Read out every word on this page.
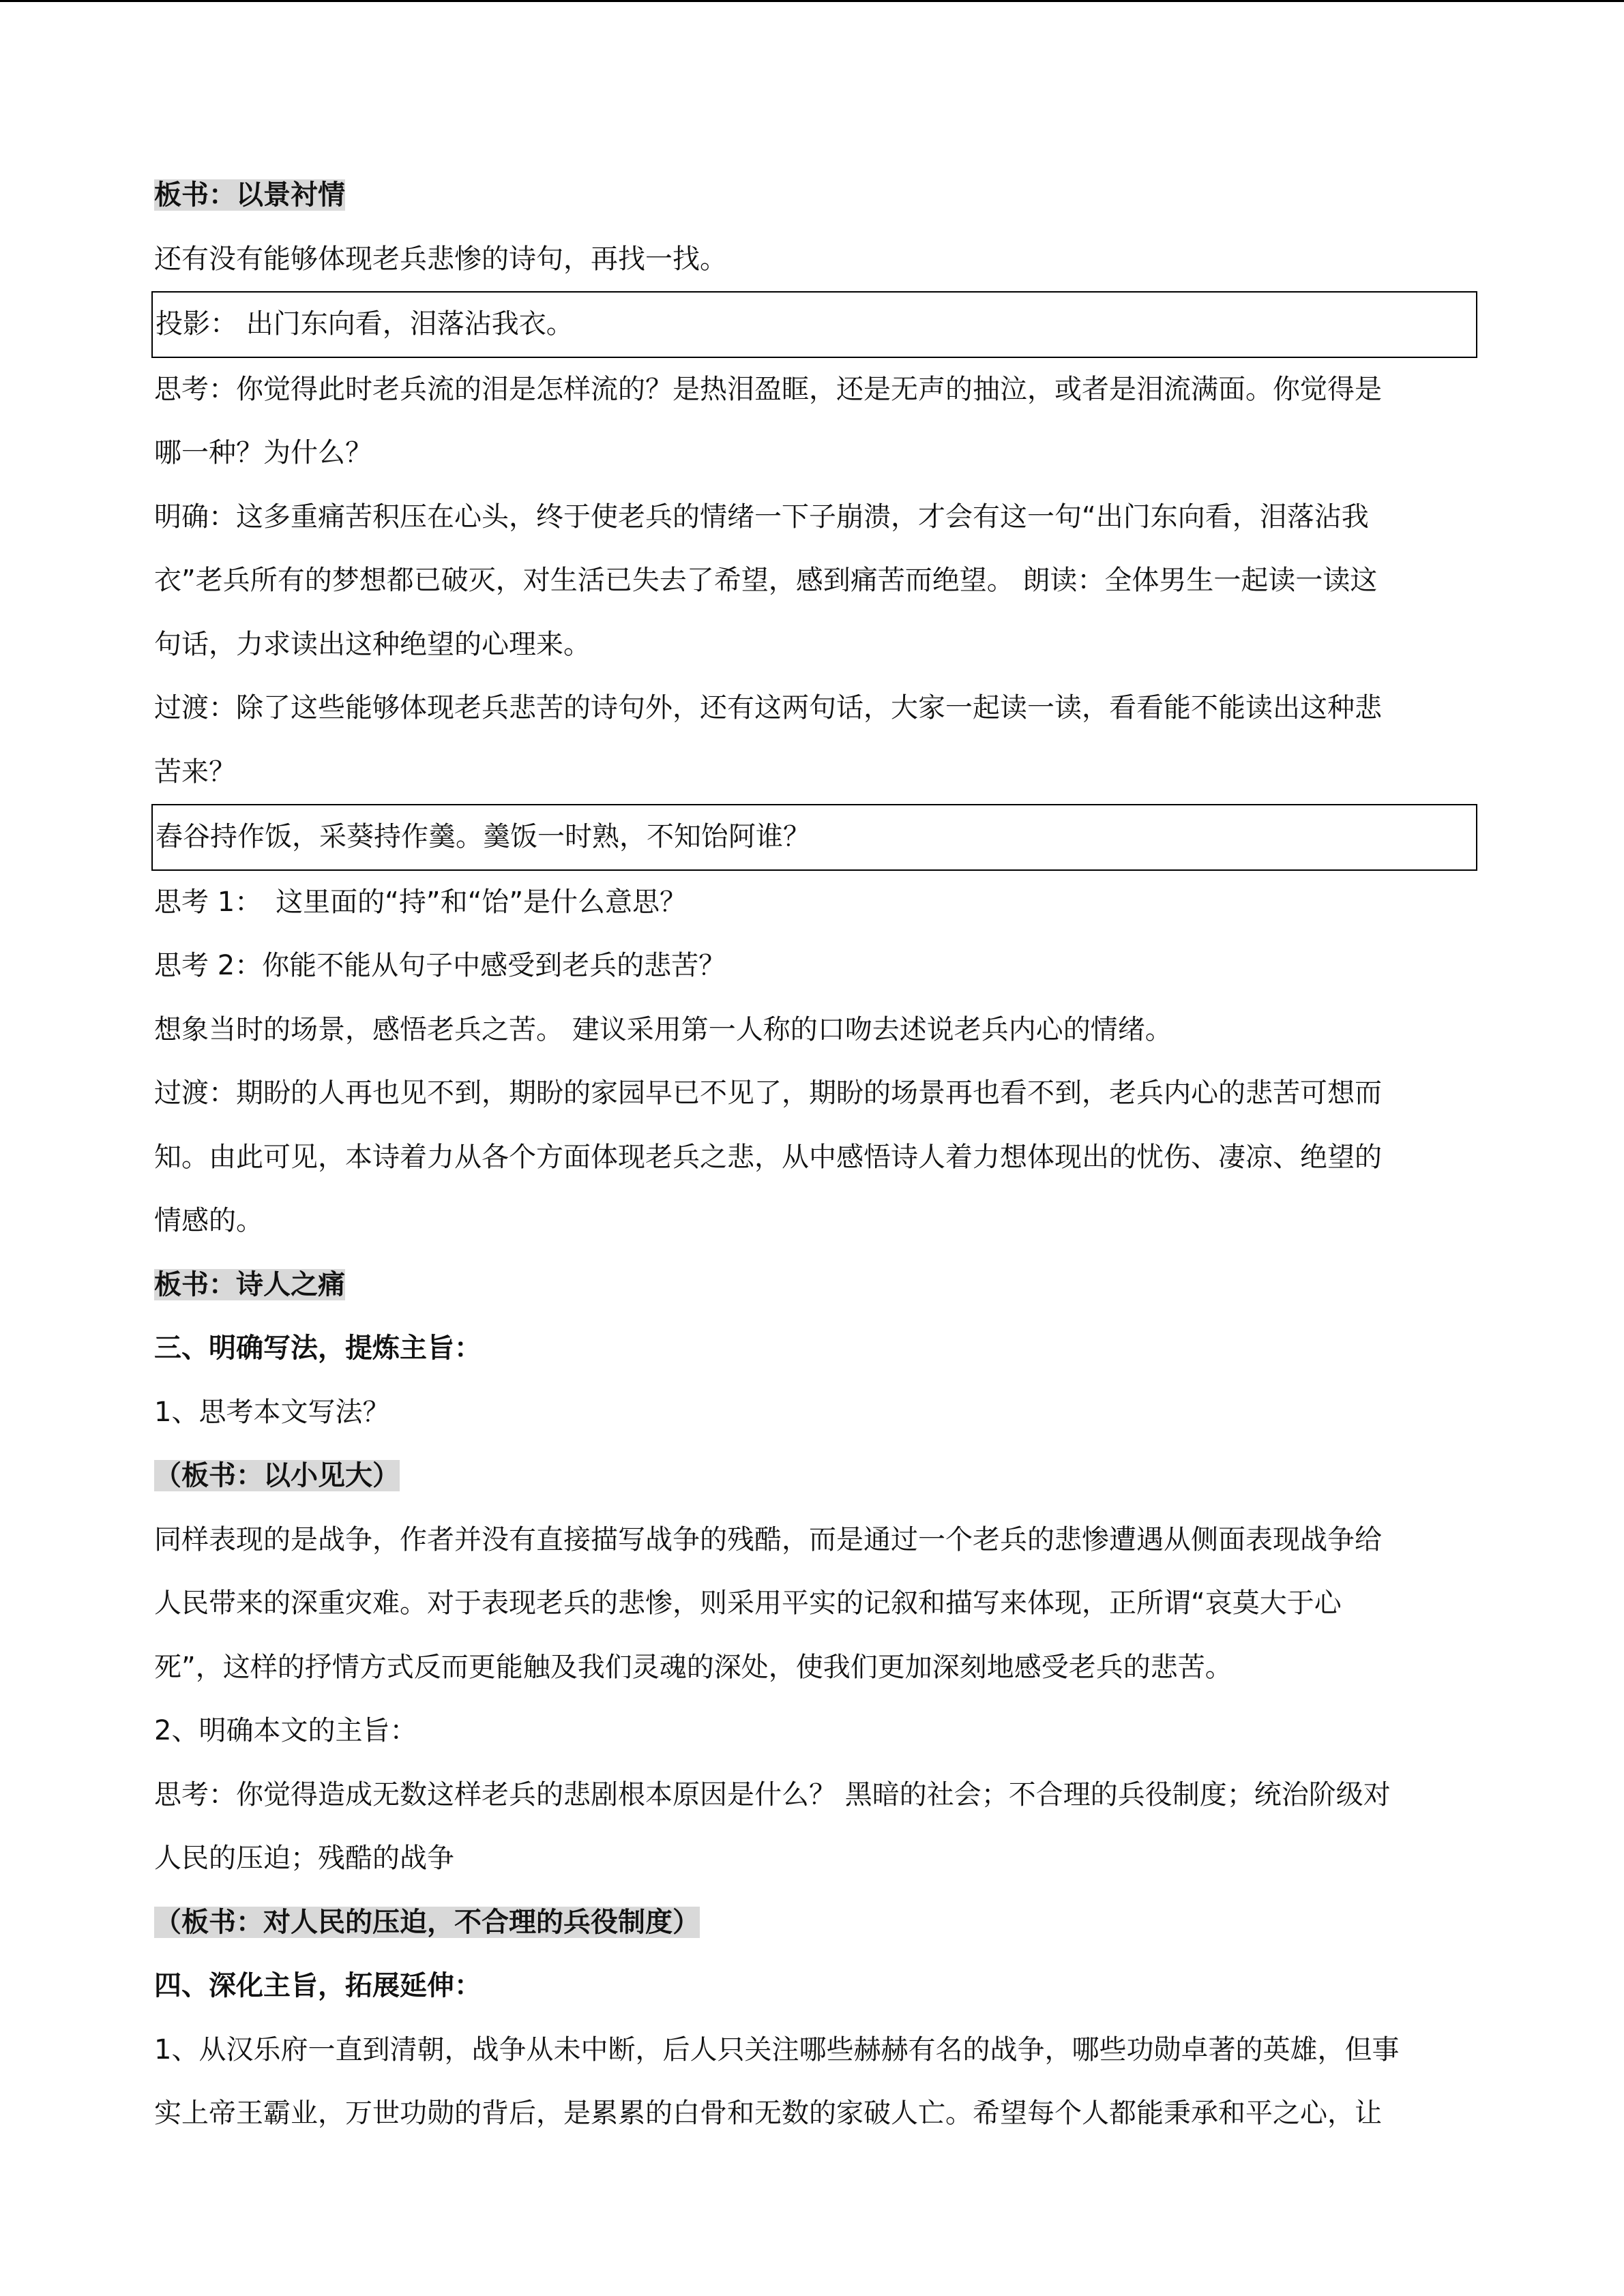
板书：以景衬情
还有没有能够体现老兵悲惨的诗句，再找一找。
投影： 出门东向看，泪落沾我衣。
思考：你觉得此时老兵流的泪是怎样流的？是热泪盈眶，还是无声的抽泣，或者是泪流满面。你觉得是
哪一种？为什么？
明确：这多重痛苦积压在心头，终于使老兵的情绪一下子崩溃，才会有这一句“出门东向看，泪落沾我
衣”老兵所有的梦想都已破灭，对生活已失去了希望，感到痛苦而绝望。 朗读：全体男生一起读一读这
句话，力求读出这种绝望的心理来。
过渡：除了这些能够体现老兵悲苦的诗句外，还有这两句话，大家一起读一读，看看能不能读出这种悲
苦来？
舂谷持作饭，采葵持作羹。羹饭一时熟，不知饴阿谁？
思考 1：　这里面的“持”和“饴”是什么意思？
思考 2：你能不能从句子中感受到老兵的悲苦？
想象当时的场景，感悟老兵之苦。 建议采用第一人称的口吻去述说老兵内心的情绪。
过渡：期盼的人再也见不到，期盼的家园早已不见了，期盼的场景再也看不到，老兵内心的悲苦可想而
知。由此可见，本诗着力从各个方面体现老兵之悲，从中感悟诗人着力想体现出的忧伤、凄凉、绝望的
情感的。
板书：诗人之痛
三、明确写法，提炼主旨：
1、思考本文写法？
（板书：以小见大）
同样表现的是战争，作者并没有直接描写战争的残酷，而是通过一个老兵的悲惨遭遇从侧面表现战争给
人民带来的深重灾难。对于表现老兵的悲惨，则采用平实的记叙和描写来体现，正所谓“哀莫大于心
死”，这样的抒情方式反而更能触及我们灵魂的深处，使我们更加深刻地感受老兵的悲苦。
2、明确本文的主旨：
思考：你觉得造成无数这样老兵的悲剧根本原因是什么？ 黑暗的社会；不合理的兵役制度；统治阶级对
人民的压迫；残酷的战争
（板书：对人民的压迫，不合理的兵役制度）
四、深化主旨，拓展延伸：
1、从汉乐府一直到清朝，战争从未中断，后人只关注哪些赫赫有名的战争，哪些功勋卓著的英雄，但事
实上帝王霸业，万世功勋的背后，是累累的白骨和无数的家破人亡。希望每个人都能秉承和平之心，让
